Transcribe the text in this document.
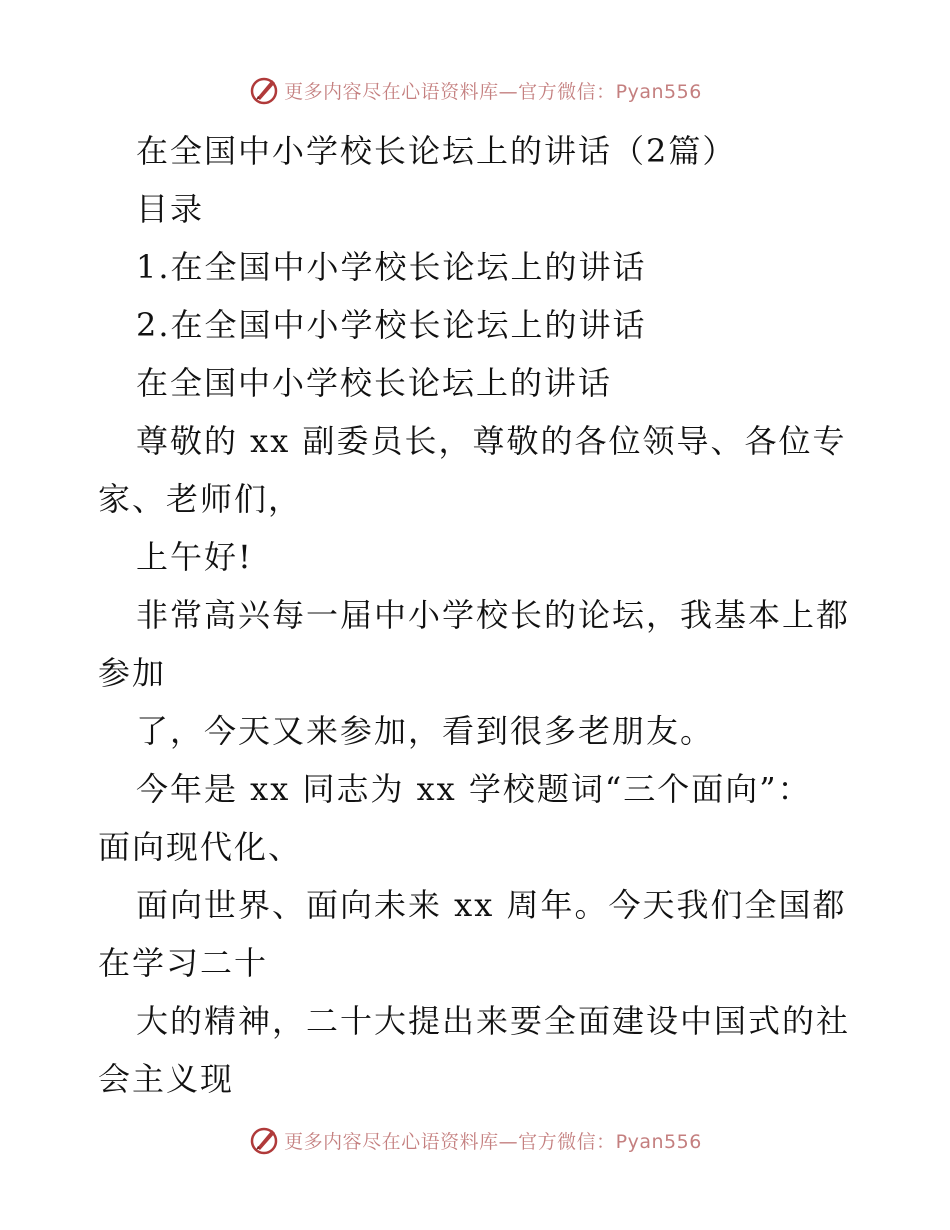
更多内容尽在心语资料库—官方微信：Pyan556

在全国中小学校长论坛上的讲话（2篇）

目录

1.在全国中小学校长论坛上的讲话

2.在全国中小学校长论坛上的讲话

在全国中小学校长论坛上的讲话

尊敬的 xx 副委员长，尊敬的各位领导、各位专

家、老师们，

上午好!

非常高兴每一届中小学校长的论坛，我基本上都

参加

了，今天又来参加，看到很多老朋友。

今年是 xx 同志为 xx 学校题词“三个面向”：

面向现代化、

面向世界、面向未来 xx 周年。今天我们全国都

在学习二十

大的精神，二十大提出来要全面建设中国式的社

会主义现

更多内容尽在心语资料库—官方微信：Pyan556
